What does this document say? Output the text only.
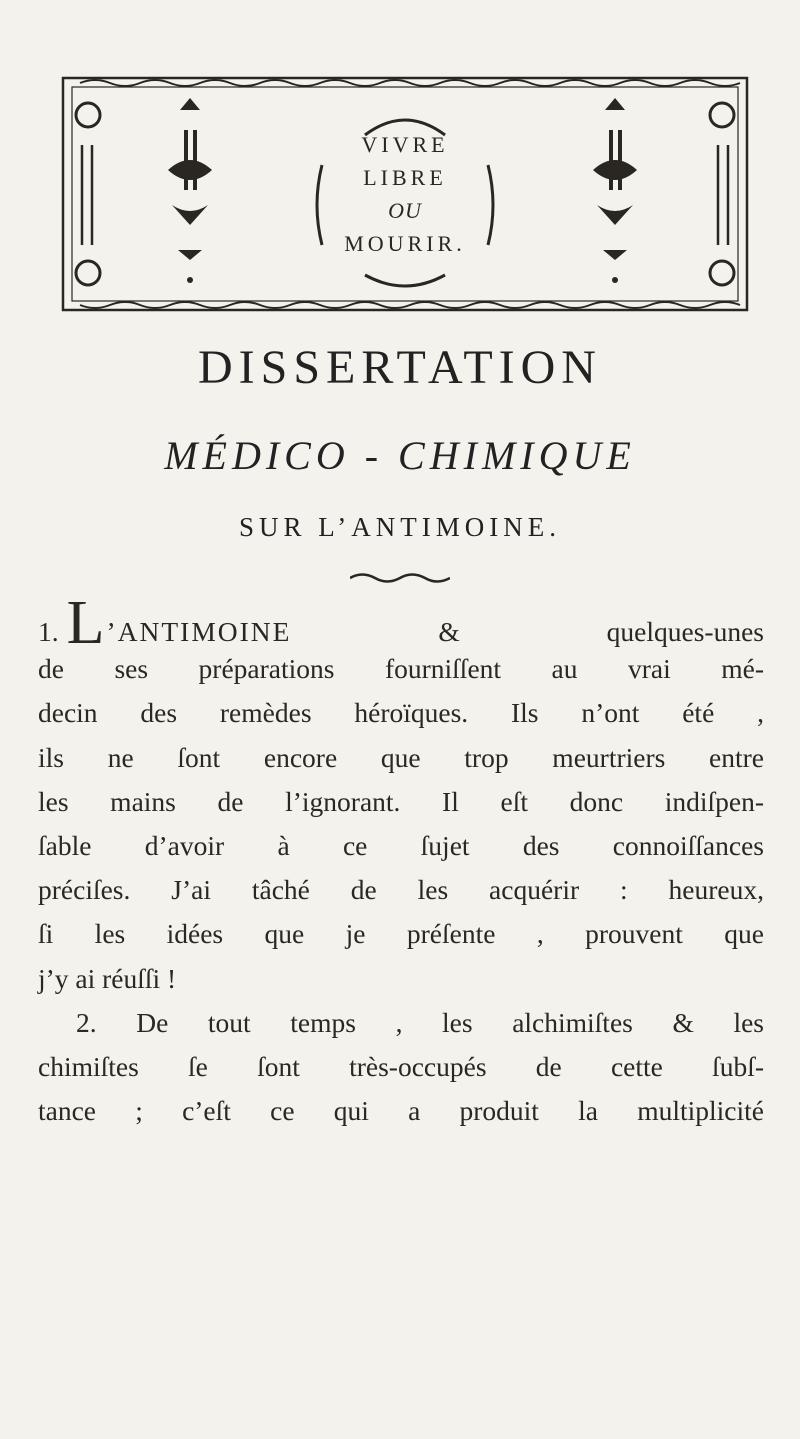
VIVRE
LIBRE
OU
MOURIR.
DISSERTATION
MÉDICO - CHIMIQUE
SUR L’ANTIMOINE.
1. L’ANTIMOINE & quelques-unes
de ses préparations fourniſſent au vrai mé-
decin des remèdes héroïques. Ils n’ont été ,
ils ne ſont encore que trop meurtriers entre
les mains de l’ignorant. Il eſt donc indiſpen-
ſable d’avoir à ce ſujet des connoiſſances
préciſes. J’ai tâché de les acquérir : heureux,
ſi les idées que je préſente , prouvent que
j’y ai réuſſi !
2. De tout temps , les alchimiſtes & les
chimiſtes ſe ſont très-occupés de cette ſubſ-
tance ; c’eſt ce qui a produit la multiplicité
